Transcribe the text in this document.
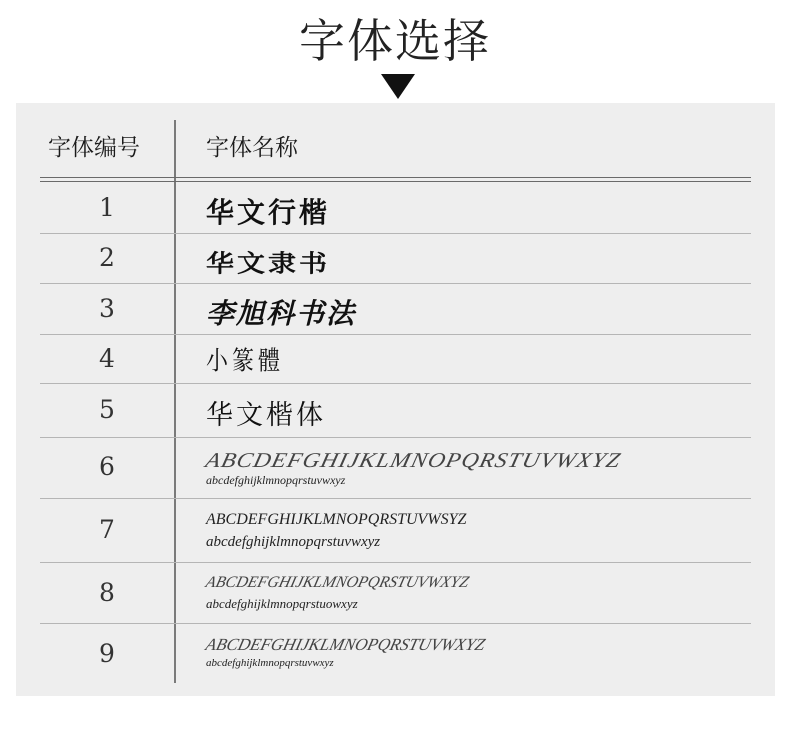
字体选择
字体编号	字体名称
1	华文行楷
2	华文隶书
3	李旭科书法
4	小篆體
5	华文楷体
6	ABCDEFGHIJKLMNOPQRSTUVWXYZ
abcdefghijklmnopqrstuvwxyz
7	ABCDEFGHIJKLMNOPQRSTUVWSYZ
abcdefghijklmnopqrstuvwxyz
8	ABCDEFGHIJKLMNOPQRSTUVWXYZ
abcdefghijklmnopqrstuowxyz
9	ABCDEFGHIJKLMNOPQRSTUVWXYZ
abcdefghijklmnopqrstuvwxyz
